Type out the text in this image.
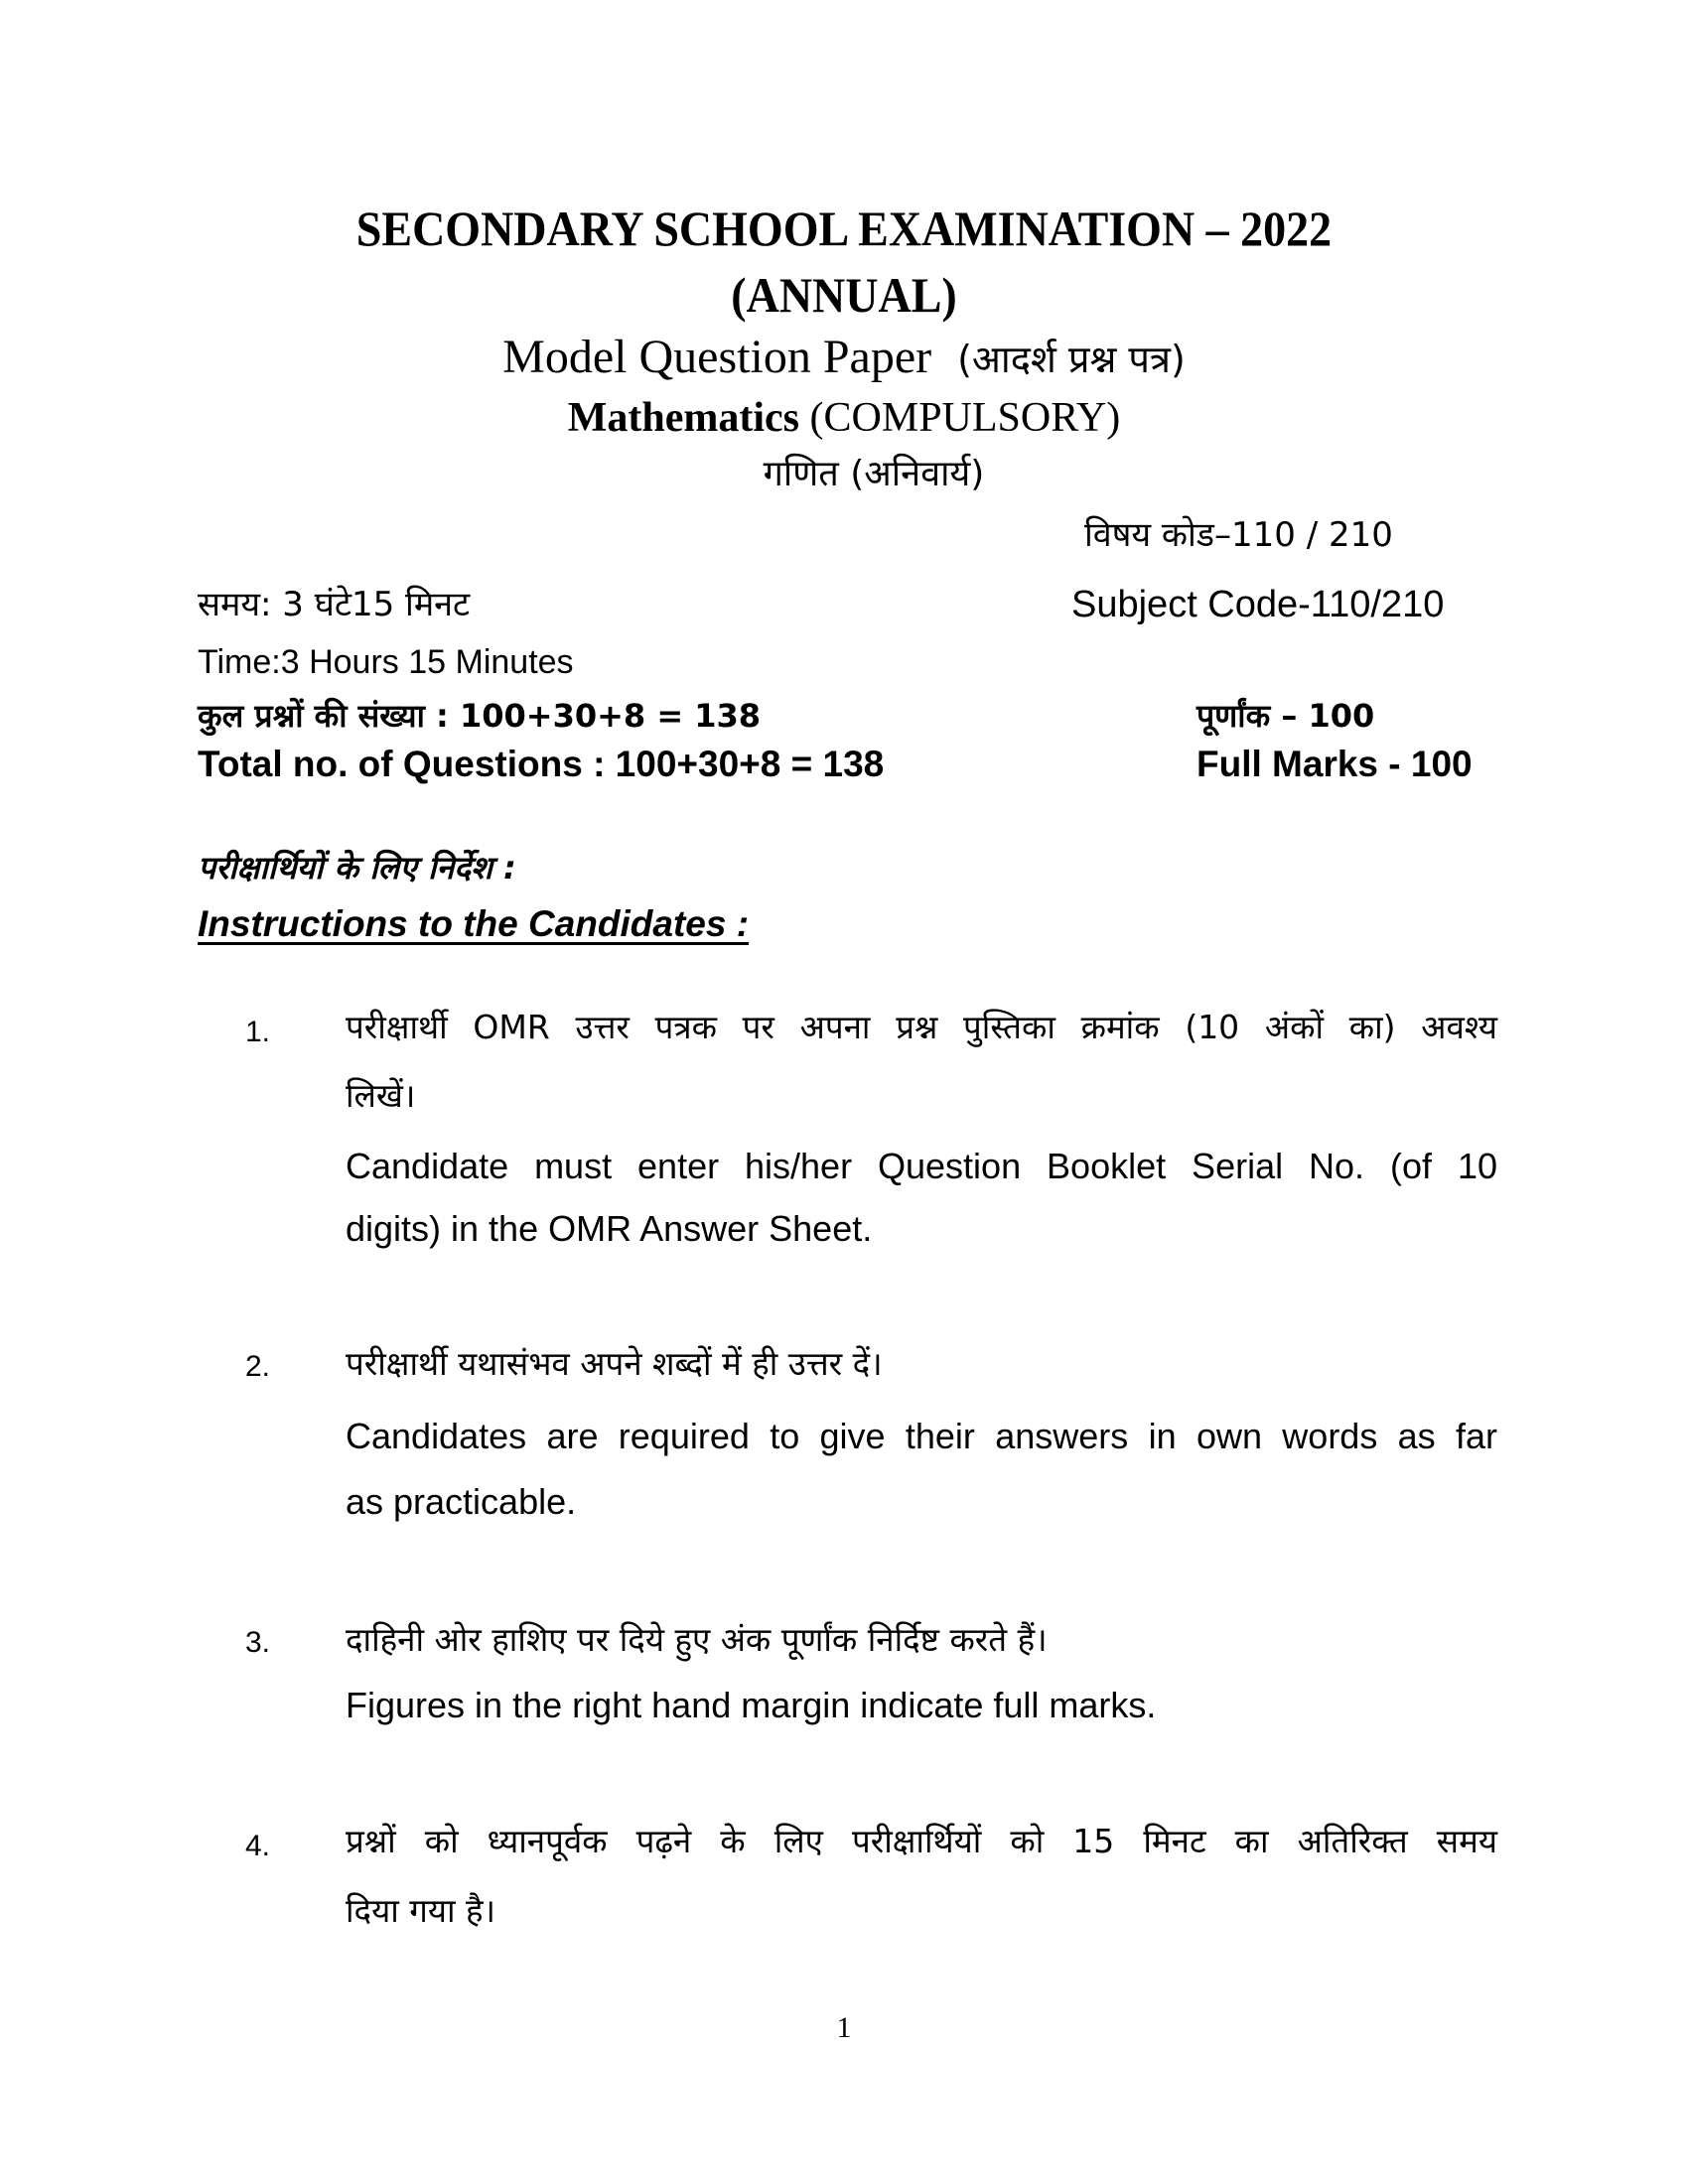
SECONDARY SCHOOL EXAMINATION – 2022
(ANNUAL)
Model Question Paper (आदर्श प्रश्न पत्र)
Mathematics (COMPULSORY)
गणित (अनिवार्य)
विषय कोड–110 / 210
समय: 3 घंटे15 मिनट	Subject Code-110/210
Time:3 Hours 15 Minutes
कुल प्रश्नों की संख्या : 100+30+8 = 138	पूर्णांक – 100
Total no. of Questions : 100+30+8 = 138	Full Marks - 100
परीक्षार्थियों के लिए निर्देश :
Instructions to the Candidates :
1. परीक्षार्थी OMR उत्तर पत्रक पर अपना प्रश्न पुस्तिका क्रमांक (10 अंकों का) अवश्य
लिखें।
Candidate must enter his/her Question Booklet Serial No. (of 10
digits) in the OMR Answer Sheet.
2. परीक्षार्थी यथासंभव अपने शब्दों में ही उत्तर दें।
Candidates are required to give their answers in own words as far
as practicable.
3. दाहिनी ओर हाशिए पर दिये हुए अंक पूर्णांक निर्दिष्ट करते हैं।
Figures in the right hand margin indicate full marks.
4. प्रश्नों को ध्यानपूर्वक पढ़ने के लिए परीक्षार्थियों को 15 मिनट का अतिरिक्त समय
दिया गया है।
1
